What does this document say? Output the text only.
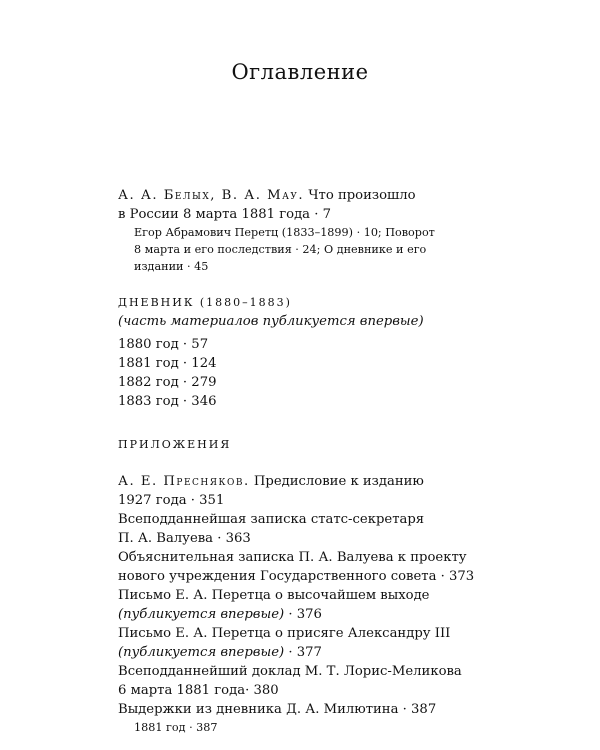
Оглавление

А. А. Белых, В. А. Мау. Что произошло

в России 8 марта 1881 года · 7

Егор Абрамович Перетц (1833–1899) · 10; Поворот

8 марта и его последствия · 24; О дневнике и его

издании · 45

ДНЕВНИК (1880–1883)

(часть материалов публикуется впервые)

1880 год · 57

1881 год · 124

1882 год · 279

1883 год · 346

ПРИЛОЖЕНИЯ

А. Е. Пресняков. Предисловие к изданию

1927 года · 351

Всеподданнейшая записка статс-секретаря

П. А. Валуева · 363

Объяснительная записка П. А. Валуева к проекту

нового учреждения Государственного совета · 373

Письмо Е. А. Перетца о высочайшем выходе

(публикуется впервые) · 376

Письмо Е. А. Перетца о присяге Александру III

(публикуется впервые) · 377

Всеподданнейший доклад М. Т. Лорис-Меликова

6 марта 1881 года· 380

Выдержки из дневника Д. А. Милютина · 387

1881 год · 387
